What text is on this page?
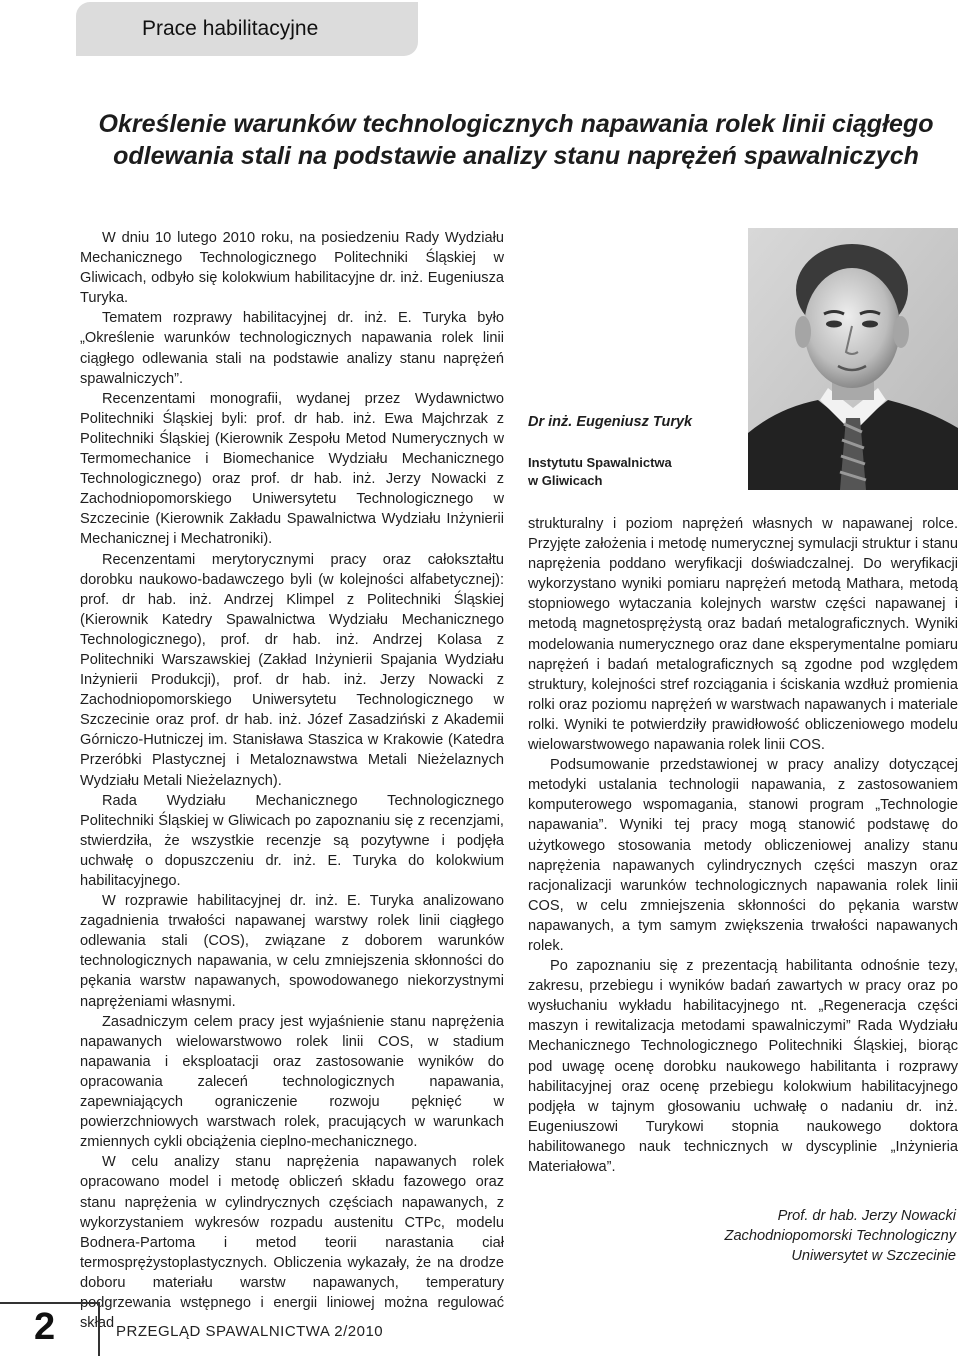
Prace habilitacyjne
Określenie warunków technologicznych napawania rolek linii ciągłego
odlewania stali na podstawie analizy stanu naprężeń spawalniczych

W dniu 10 lutego 2010 roku, na posiedzeniu Rady Wydziału Mechanicznego Technologicznego Politechniki Śląskiej w Gliwicach, odbyło się kolokwium habilitacyjne dr. inż. Eugeniusza Turyka.

Tematem rozprawy habilitacyjnej dr. inż. E. Turyka było „Określenie warunków technologicznych napawania rolek linii ciągłego odlewania stali na podstawie analizy stanu naprężeń spawalniczych”.

Recenzentami monografii, wydanej przez Wydawnictwo Politechniki Śląskiej byli: prof. dr hab. inż. Ewa Majchrzak z Politechniki Śląskiej (Kierownik Zespołu Metod Numerycznych w Termomechanice i Biomechanice Wydziału Mechanicznego Technologicznego) oraz prof. dr hab. inż. Jerzy Nowacki z Zachodniopomorskiego Uniwersytetu Technologicznego w Szczecinie (Kierownik Zakładu Spawalnictwa Wydziału Inżynierii Mechanicznej i Mechatroniki).

Recenzentami merytorycznymi pracy oraz całokształtu dorobku naukowo-badawczego byli (w kolejności alfabetycznej): prof. dr hab. inż. Andrzej Klimpel z Politechniki Śląskiej (Kierownik Katedry Spawalnictwa Wydziału Mechanicznego Technologicznego), prof. dr hab. inż. Andrzej Kolasa z Politechniki Warszawskiej (Zakład Inżynierii Spajania Wydziału Inżynierii Produkcji), prof. dr hab. inż. Jerzy Nowacki z Zachodniopomorskiego Uniwersytetu Technologicznego w Szczecinie oraz prof. dr hab. inż. Józef Zasadziński z Akademii Górniczo-Hutniczej im. Stanisława Staszica w Krakowie (Katedra Przeróbki Plastycznej i Metaloznawstwa Metali Nieżelaznych Wydziału Metali Nieżelaznych).

Rada Wydziału Mechanicznego Technologicznego Politechniki Śląskiej w Gliwicach po zapoznaniu się z recenzjami, stwierdziła, że wszystkie recenzje są pozytywne i podjęła uchwałę o dopuszczeniu dr. inż. E. Turyka do kolokwium habilitacyjnego.

W rozprawie habilitacyjnej dr. inż. E. Turyka analizowano zagadnienia trwałości napawanej warstwy rolek linii ciągłego odlewania stali (COS), związane z doborem warunków technologicznych napawania, w celu zmniejszenia skłonności do pękania warstw napawanych, spowodowanego niekorzystnymi naprężeniami własnymi.

Zasadniczym celem pracy jest wyjaśnienie stanu naprężenia napawanych wielowarstwowo rolek linii COS, w stadium napawania i eksploatacji oraz zastosowanie wyników do opracowania zaleceń technologicznych napawania, zapewniających ograniczenie rozwoju pęknięć w powierzchniowych warstwach rolek, pracujących w warunkach zmiennych cykli obciążenia cieplno-mechanicznego.

W celu analizy stanu naprężenia napawanych rolek opracowano model i metodę obliczeń składu fazowego oraz stanu naprężenia w cylindrycznych częściach napawanych, z wykorzystaniem wykresów rozpadu austenitu CTPc, modelu Bodnera-Partoma i metod teorii narastania ciał termosprężystoplastycznych. Obliczenia wykazały, że na drodze doboru materiału warstw napawanych, temperatury podgrzewania wstępnego i energii liniowej można regulować skład

Dr inż. Eugeniusz Turyk
Instytutu Spawalnictwa
w Gliwicach

strukturalny i poziom naprężeń własnych w napawanej rolce. Przyjęte założenia i metodę numerycznej symulacji struktur i stanu naprężenia poddano weryfikacji doświadczalnej. Do weryfikacji wykorzystano wyniki pomiaru naprężeń metodą Mathara, metodą stopniowego wytaczania kolejnych warstw części napawanej i metodą magnetosprężystą oraz badań metalograficznych. Wyniki modelowania numerycznego oraz dane eksperymentalne pomiaru naprężeń i badań metalograficznych są zgodne pod względem struktury, kolejności stref rozciągania i ściskania wzdłuż promienia rolki oraz poziomu naprężeń w warstwach napawanych i materiale rolki. Wyniki te potwierdziły prawidłowość obliczeniowego modelu wielowarstwowego napawania rolek linii COS.

Podsumowanie przedstawionej w pracy analizy dotyczącej metodyki ustalania technologii napawania, z zastosowaniem komputerowego wspomagania, stanowi program „Technologie napawania”. Wyniki tej pracy mogą stanowić podstawę do użytkowego stosowania metody obliczeniowej analizy stanu naprężenia napawanych cylindrycznych części maszyn oraz racjonalizacji warunków technologicznych napawania rolek linii COS, w celu zmniejszenia skłonności do pękania warstw napawanych, a tym samym zwiększenia trwałości napawanych rolek.

Po zapoznaniu się z prezentacją habilitanta odnośnie tezy, zakresu, przebiegu i wyników badań zawartych w pracy oraz po wysłuchaniu wykładu habilitacyjnego nt. „Regeneracja części maszyn i rewitalizacja metodami spawalniczymi” Rada Wydziału Mechanicznego Technologicznego Politechniki Śląskiej, biorąc pod uwagę ocenę dorobku naukowego habilitanta i rozprawy habilitacyjnej oraz ocenę przebiegu kolokwium habilitacyjnego podjęła w tajnym głosowaniu uchwałę o nadaniu dr. inż. Eugeniuszowi Turykowi stopnia naukowego doktora habilitowanego nauk technicznych w dyscyplinie „Inżynieria Materiałowa”.

Prof. dr hab. Jerzy Nowacki
Zachodniopomorski Technologiczny
Uniwersytet w Szczecinie
2	PRZEGLĄD SPAWALNICTWA 2/2010
